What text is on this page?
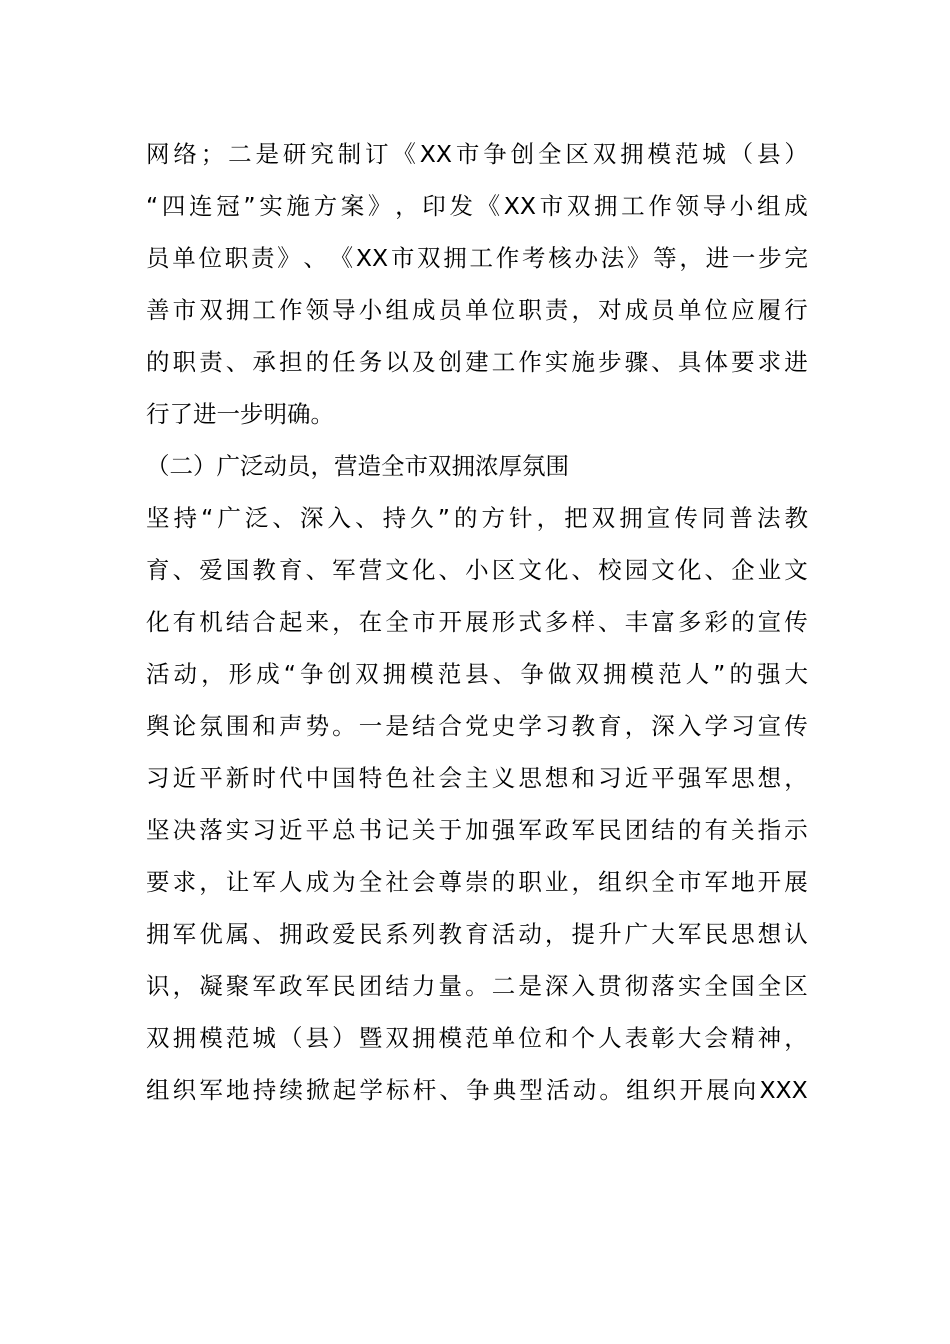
网 络 ； 二 是 研 究 制 订 《 XX 市 争 创 全 区 双 拥 模 范 城 （ 县 ）
“ 四 连 冠 ” 实 施 方 案 》 ， 印 发 《 XX 市 双 拥 工 作 领 导 小 组 成
员 单 位 职 责 》 、 《 XX 市 双 拥 工 作 考 核 办 法 》 等 ， 进 一 步 完
善 市 双 拥 工 作 领 导 小 组 成 员 单 位 职 责 ， 对 成 员 单 位 应 履 行
的 职 责 、 承 担 的 任 务 以 及 创 建 工 作 实 施 步 骤 、 具 体 要 求 进
行了进一步明确。
（二）广泛动员，营造全市双拥浓厚氛围
坚 持 “ 广 泛 、 深 入 、 持 久 ” 的 方 针 ， 把 双 拥 宣 传 同 普 法 教
育 、 爱 国 教 育 、 军 营 文 化 、 小 区 文 化 、 校 园 文 化 、 企 业 文
化 有 机 结 合 起 来 ， 在 全 市 开 展 形 式 多 样 、 丰 富 多 彩 的 宣 传
活 动 ， 形 成 “ 争 创 双 拥 模 范 县 、 争 做 双 拥 模 范 人 ” 的 强 大
舆 论 氛 围 和 声 势 。 一 是 结 合 党 史 学 习 教 育 ， 深 入 学 习 宣 传
习 近 平 新 时 代 中 国 特 色 社 会 主 义 思 想 和 习 近 平 强 军 思 想 ，
坚 决 落 实 习 近 平 总 书 记 关 于 加 强 军 政 军 民 团 结 的 有 关 指 示
要 求 ， 让 军 人 成 为 全 社 会 尊 崇 的 职 业 ， 组 织 全 市 军 地 开 展
拥 军 优 属 、 拥 政 爱 民 系 列 教 育 活 动 ， 提 升 广 大 军 民 思 想 认
识 ， 凝 聚 军 政 军 民 团 结 力 量 。 二 是 深 入 贯 彻 落 实 全 国 全 区
双 拥 模 范 城 （ 县 ） 暨 双 拥 模 范 单 位 和 个 人 表 彰 大 会 精 神 ，
组 织 军 地 持 续 掀 起 学 标 杆 、 争 典 型 活 动 。 组 织 开 展 向 XXX
